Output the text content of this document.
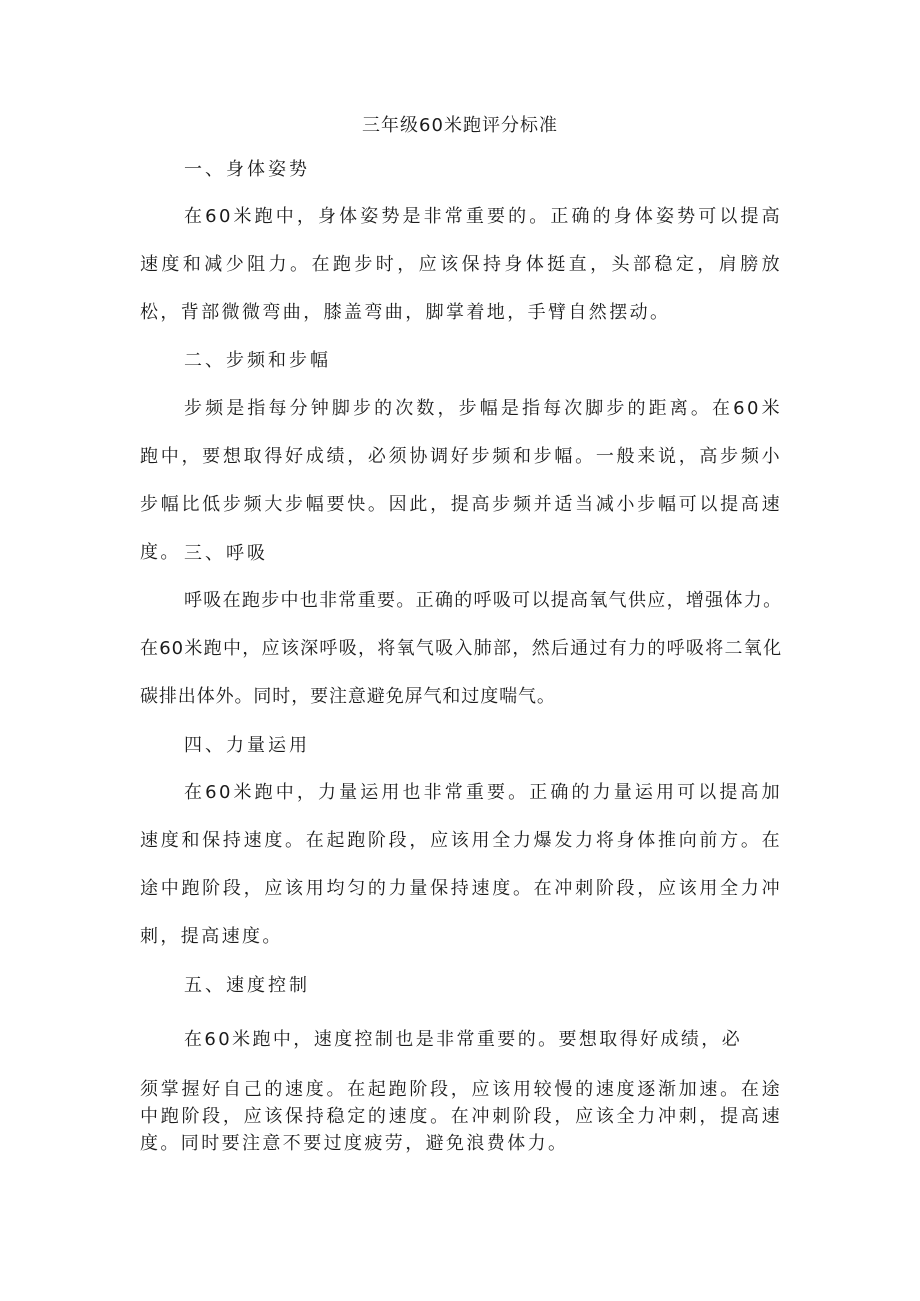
三年级60米跑评分标准
一、身体姿势

在60米跑中，身体姿势是非常重要的。正确的身体姿势可以提高速度和减少阻力。在跑步时，应该保持身体挺直，头部稳定，肩膀放松，背部微微弯曲，膝盖弯曲，脚掌着地，手臂自然摆动。

二、步频和步幅

步频是指每分钟脚步的次数，步幅是指每次脚步的距离。在60米跑中，要想取得好成绩，必须协调好步频和步幅。一般来说，高步频小步幅比低步频大步幅要快。因此，提高步频并适当减小步幅可以提高速度。 三、呼吸

呼吸在跑步中也非常重要。正确的呼吸可以提高氧气供应，增强体力。在60米跑中，应该深呼吸，将氧气吸入肺部，然后通过有力的呼吸将二氧化碳排出体外。同时，要注意避免屏气和过度喘气。

四、力量运用

在60米跑中，力量运用也非常重要。正确的力量运用可以提高加速度和保持速度。在起跑阶段，应该用全力爆发力将身体推向前方。在途中跑阶段，应该用均匀的力量保持速度。在冲刺阶段，应该用全力冲刺，提高速度。

五、速度控制

在60米跑中，速度控制也是非常重要的。要想取得好成绩，必

须掌握好自己的速度。在起跑阶段，应该用较慢的速度逐渐加速。在途中跑阶段，应该保持稳定的速度。在冲刺阶段，应该全力冲刺，提高速度。同时要注意不要过度疲劳，避免浪费体力。
